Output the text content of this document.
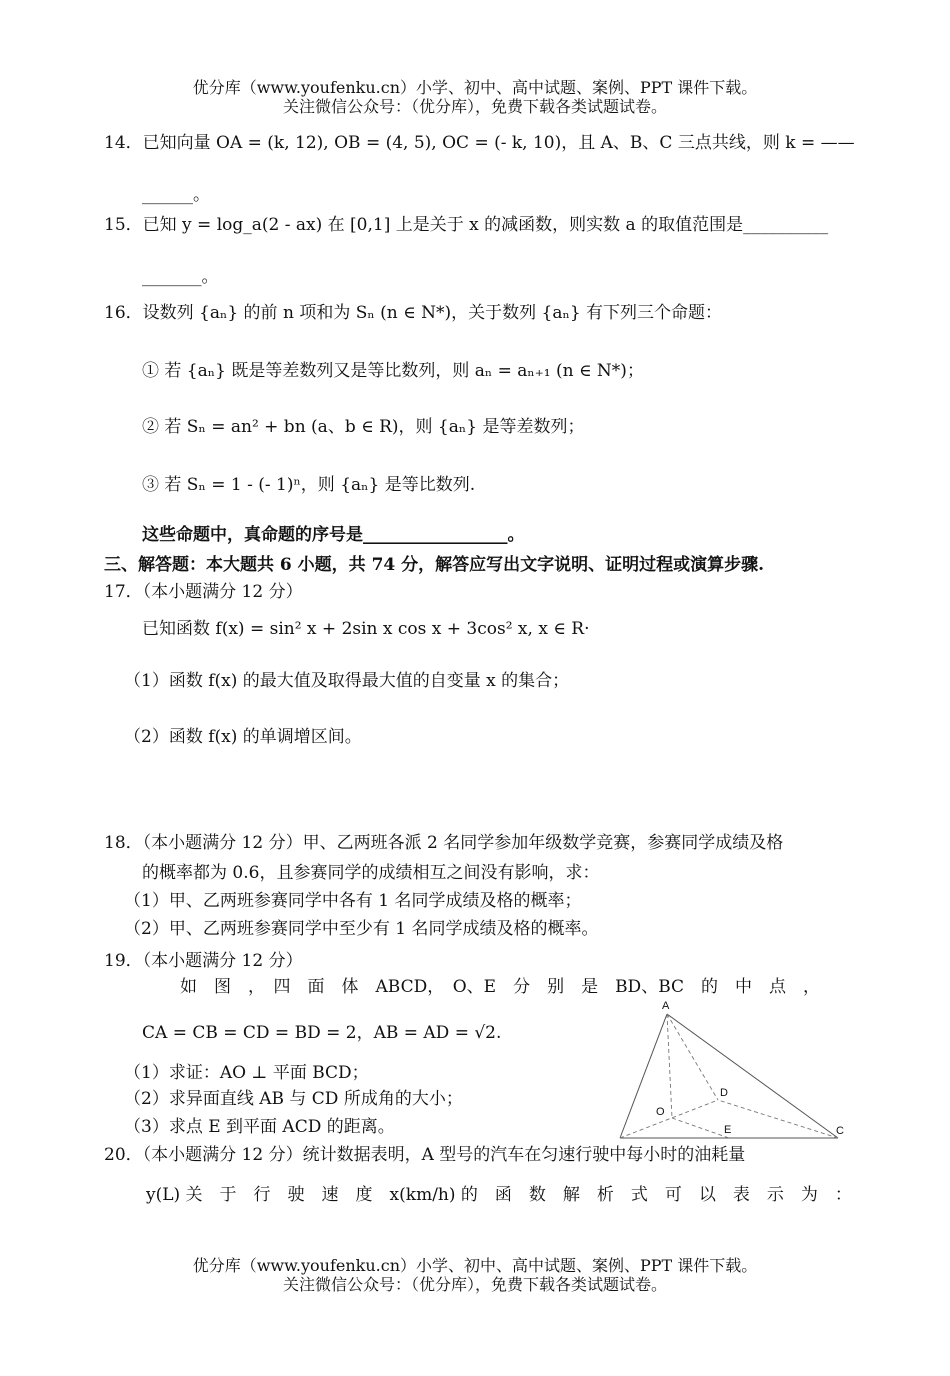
优分库（www.youfenku.cn）小学、初中、高中试题、案例、PPT 课件下载。
关注微信公众号：（优分库），免费下载各类试题试卷。
14．已知向量 OA = (k, 12), OB = (4, 5), OC = (- k, 10)，且 A、B、C 三点共线，则 k = ——
______。
15．已知 y = log_a(2 - ax) 在 [0,1] 上是关于 x 的减函数，则实数 a 的取值范围是__________
_______。
16．设数列 {aₙ} 的前 n 项和为 Sₙ (n ∈ N*)，关于数列 {aₙ} 有下列三个命题：
① 若 {aₙ} 既是等差数列又是等比数列，则 aₙ = aₙ₊₁ (n ∈ N*)；
② 若 Sₙ = an² + bn (a、b ∈ R)，则 {aₙ} 是等差数列；
③ 若 Sₙ = 1 - (- 1)ⁿ，则 {aₙ} 是等比数列.
这些命题中，真命题的序号是_________________。
三、解答题：本大题共 6 小题，共 74 分，解答应写出文字说明、证明过程或演算步骤.
17．（本小题满分 12 分）
已知函数 f(x) = sin² x + 2sin x cos x + 3cos² x, x ∈ R·
（1）函数 f(x) 的最大值及取得最大值的自变量 x 的集合；
（2）函数 f(x) 的单调增区间。
18．（本小题满分 12 分）甲、乙两班各派 2 名同学参加年级数学竞赛，参赛同学成绩及格
的概率都为 0.6，且参赛同学的成绩相互之间没有影响，求：
（1）甲、乙两班参赛同学中各有 1 名同学成绩及格的概率；
（2）甲、乙两班参赛同学中至少有 1 名同学成绩及格的概率。
19．（本小题满分 12 分）
如　图　，　四　面　体　ABCD，　O、E　分　别　是　BD、BC　的　中　点　，
CA = CB = CD = BD = 2，AB = AD = √2.
（1）求证：AO ⊥ 平面 BCD；
（2）求异面直线 AB 与 CD 所成角的大小；
（3）求点 E 到平面 ACD 的距离。
A
D
O
E	C
20．（本小题满分 12 分）统计数据表明，A 型号的汽车在匀速行驶中每小时的油耗量
y(L) 关　于　行　驶　速　度　x(km/h) 的　函　数　解　析　式　可　以　表　示　为　：
优分库（www.youfenku.cn）小学、初中、高中试题、案例、PPT 课件下载。
关注微信公众号：（优分库），免费下载各类试题试卷。
